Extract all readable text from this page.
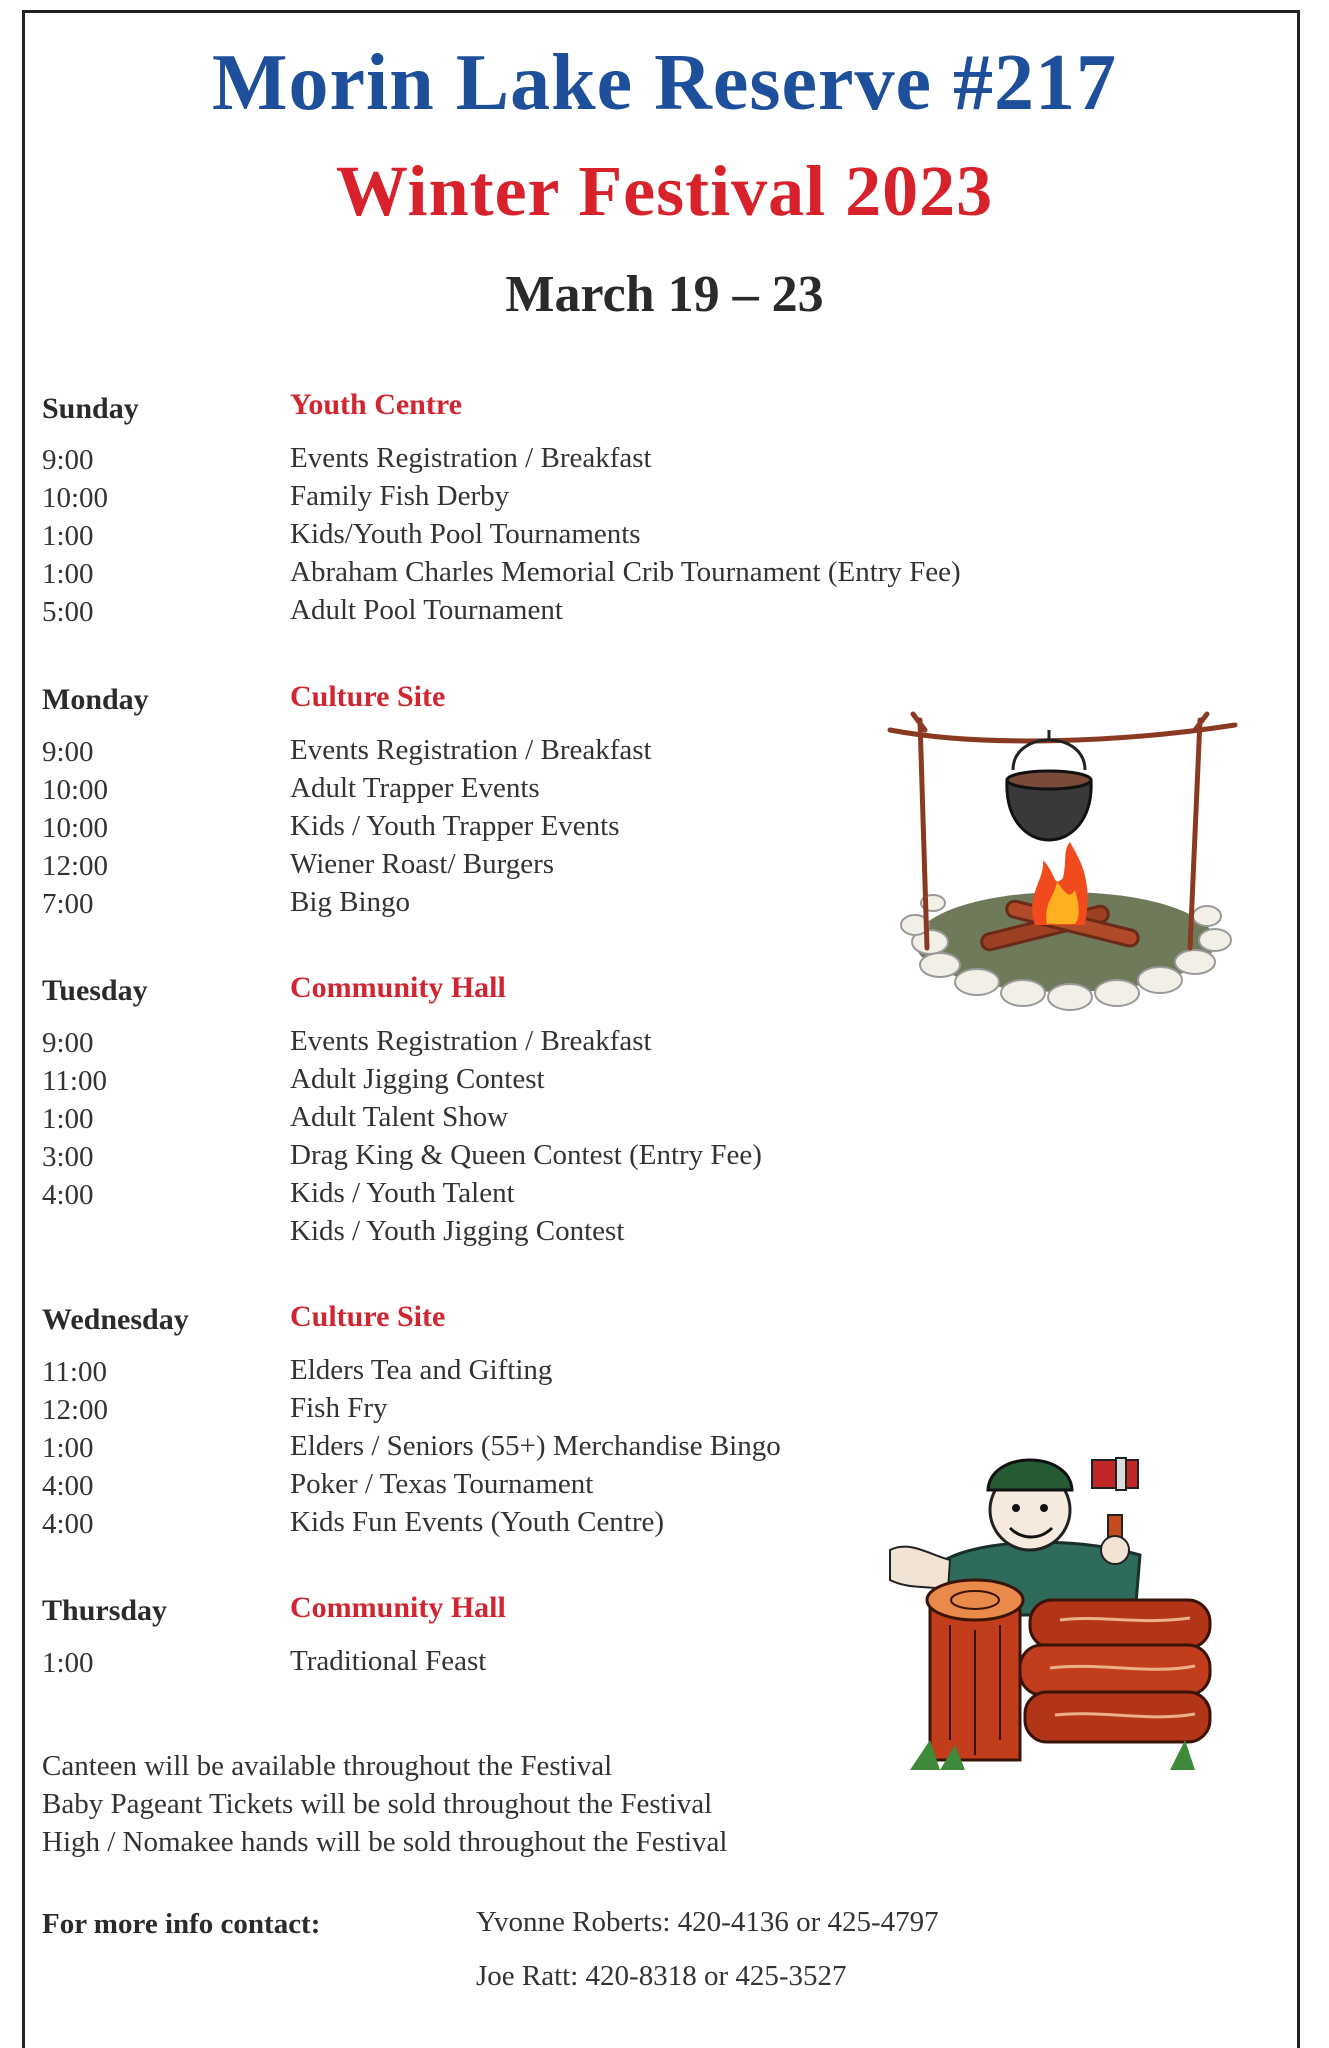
Morin Lake Reserve #217
Winter Festival 2023
March 19 – 23
Sunday	Youth Centre
9:00	Events Registration / Breakfast
10:00	Family Fish Derby
1:00	Kids/Youth Pool Tournaments
1:00	Abraham Charles Memorial Crib Tournament (Entry Fee)
5:00	Adult Pool Tournament
Monday	Culture Site
9:00	Events Registration / Breakfast
10:00	Adult Trapper Events
10:00	Kids / Youth Trapper Events
12:00	Wiener Roast/ Burgers
7:00	Big Bingo
Tuesday	Community Hall
9:00	Events Registration / Breakfast
11:00	Adult Jigging Contest
1:00	Adult Talent Show
3:00	Drag King & Queen Contest (Entry Fee)
4:00	Kids / Youth Talent
Kids / Youth Jigging Contest
Wednesday	Culture Site
11:00	Elders Tea and Gifting
12:00	Fish Fry
1:00	Elders / Seniors (55+) Merchandise Bingo
4:00	Poker / Texas Tournament
4:00	Kids Fun Events (Youth Centre)
Thursday	Community Hall
1:00	Traditional Feast
Canteen will be available throughout the Festival
Baby Pageant Tickets will be sold throughout the Festival
High / Nomakee hands will be sold throughout the Festival
For more info contact:	Yvonne Roberts: 420-4136 or 425-4797
Joe Ratt: 420-8318 or 425-3527
